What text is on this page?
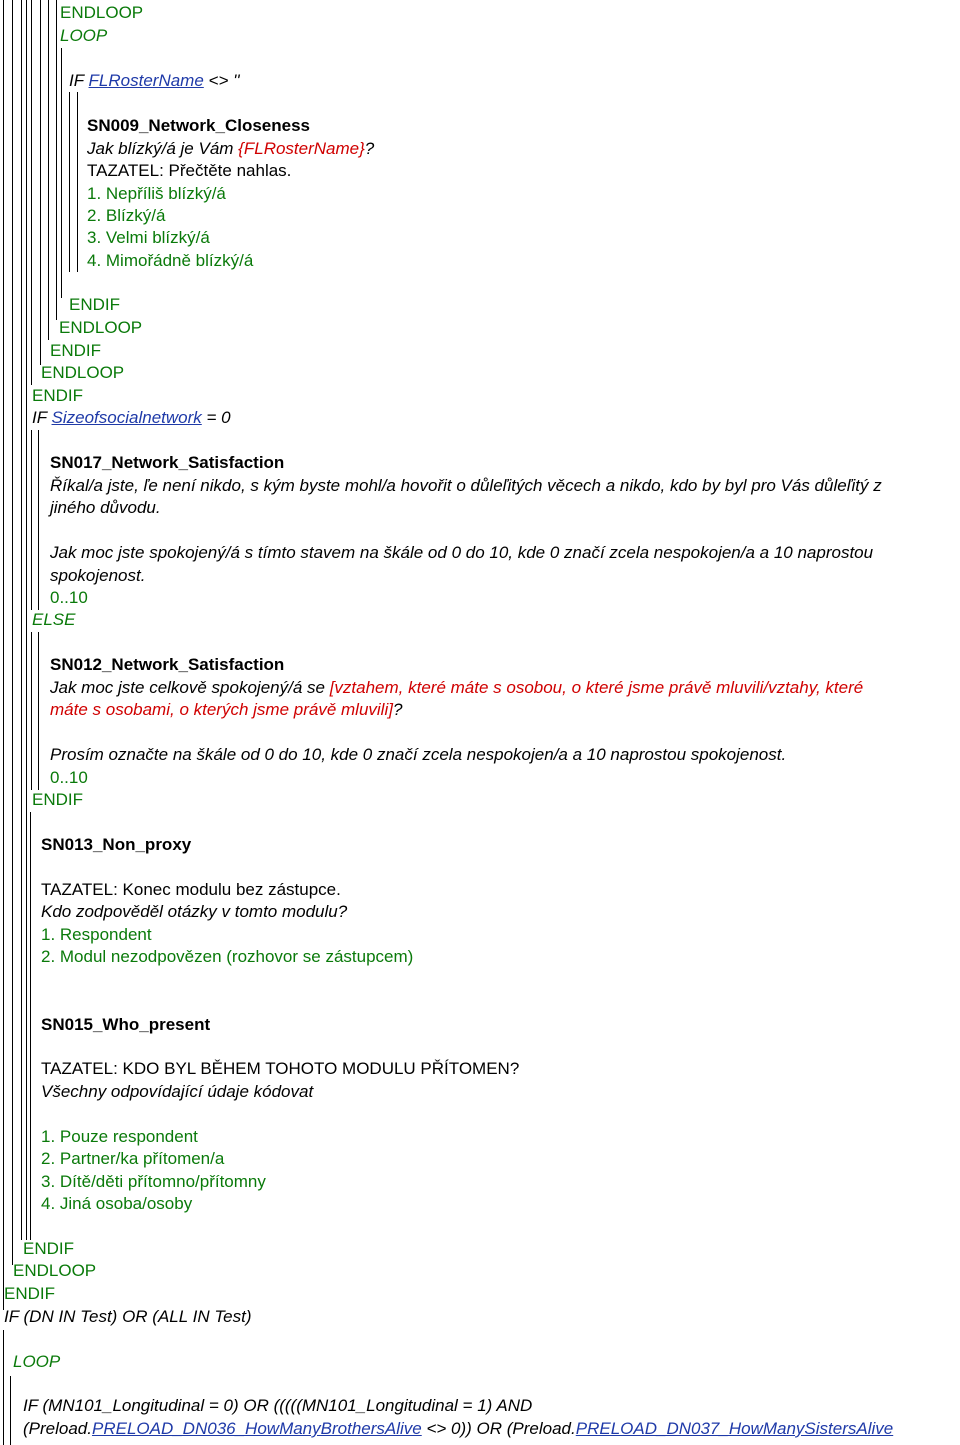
ENDLOOP
LOOP
IF FLRosterName <> ''
SN009_Network_Closeness
Jak blízký/á je Vám {FLRosterName}?
TAZATEL: Přečtěte nahlas.
1. Nepříliš blízký/á
2. Blízký/á
3. Velmi blízký/á
4. Mimořádně blízký/á
ENDIF
ENDLOOP
ENDIF
ENDLOOP
ENDIF
IF Sizeofsocialnetwork = 0
SN017_Network_Satisfaction
Říkal/a jste, ľe není nikdo, s kým byste mohl/a hovořit o důleľitých věcech a nikdo, kdo by byl pro Vás důleľitý z
jiného důvodu.
Jak moc jste spokojený/á s tímto stavem na škále od 0 do 10, kde 0 značí zcela nespokojen/a a 10 naprostou
spokojenost.
0..10
ELSE
SN012_Network_Satisfaction
Jak moc jste celkově spokojený/á se [vztahem, které máte s osobou, o které jsme právě mluvili/vztahy, které
máte s osobami, o kterých jsme právě mluvili]?
Prosím označte na škále od 0 do 10, kde 0 značí zcela nespokojen/a a 10 naprostou spokojenost.
0..10
ENDIF
SN013_Non_proxy
TAZATEL: Konec modulu bez zástupce.
Kdo zodpověděl otázky v tomto modulu?
1. Respondent
2. Modul nezodpovězen (rozhovor se zástupcem)
SN015_Who_present
TAZATEL: KDO BYL BĚHEM TOHOTO MODULU PŘÍTOMEN?
Všechny odpovídající údaje kódovat
1. Pouze respondent
2. Partner/ka přítomen/a
3. Dítě/děti přítomno/přítomny
4. Jiná osoba/osoby
ENDIF
ENDLOOP
ENDIF
IF (DN IN Test) OR (ALL IN Test)
LOOP
IF (MN101_Longitudinal = 0) OR (((((MN101_Longitudinal = 1) AND
(Preload.PRELOAD_DN036_HowManyBrothersAlive <> 0)) OR (Preload.PRELOAD_DN037_HowManySistersAlive
